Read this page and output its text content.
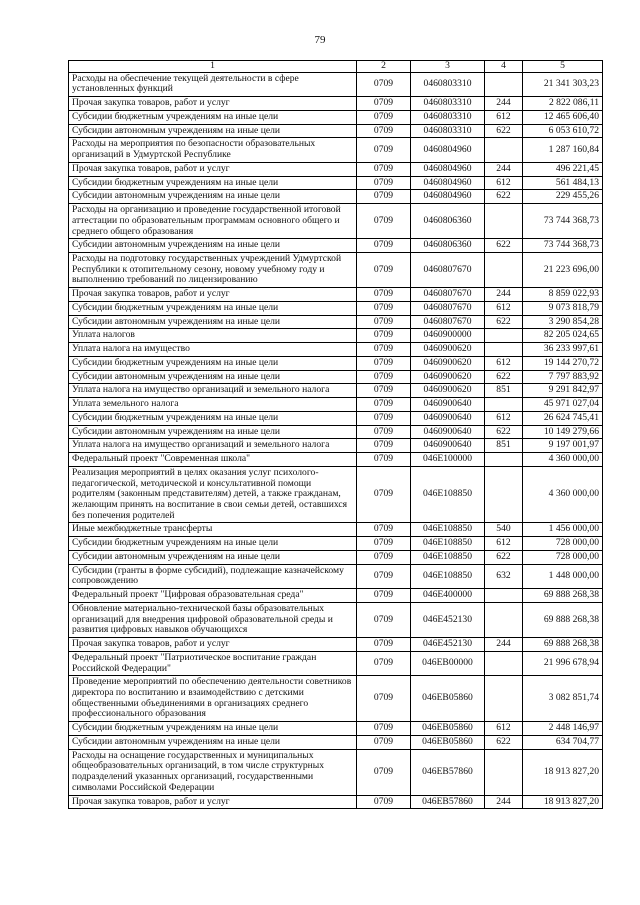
79
1	2	3	4	5
Расходы на обеспечение текущей деятельности в сфере установленных функций	0709	0460803310		21 341 303,23
Прочая закупка товаров, работ и услуг	0709	0460803310	244	2 822 086,11
Субсидии бюджетным учреждениям на иные цели	0709	0460803310	612	12 465 606,40
Субсидии автономным учреждениям на иные цели	0709	0460803310	622	6 053 610,72
Расходы на мероприятия по безопасности образовательных организаций в Удмуртской Республике	0709	0460804960		1 287 160,84
Прочая закупка товаров, работ и услуг	0709	0460804960	244	496 221,45
Субсидии бюджетным учреждениям на иные цели	0709	0460804960	612	561 484,13
Субсидии автономным учреждениям на иные цели	0709	0460804960	622	229 455,26
Расходы на организацию и проведение государственной итоговой аттестации по образовательным программам основного общего и среднего общего образования	0709	0460806360		73 744 368,73
Субсидии автономным учреждениям на иные цели	0709	0460806360	622	73 744 368,73
Расходы на подготовку государственных учреждений Удмуртской Республики к отопительному сезону, новому учебному году и выполнению требований по лицензированию	0709	0460807670		21 223 696,00
Прочая закупка товаров, работ и услуг	0709	0460807670	244	8 859 022,93
Субсидии бюджетным учреждениям на иные цели	0709	0460807670	612	9 073 818,79
Субсидии автономным учреждениям на иные цели	0709	0460807670	622	3 290 854,28
Уплата налогов	0709	0460900000		82 205 024,65
Уплата налога на имущество	0709	0460900620		36 233 997,61
Субсидии бюджетным учреждениям на иные цели	0709	0460900620	612	19 144 270,72
Субсидии автономным учреждениям на иные цели	0709	0460900620	622	7 797 883,92
Уплата налога на имущество организаций и земельного налога	0709	0460900620	851	9 291 842,97
Уплата земельного налога	0709	0460900640		45 971 027,04
Субсидии бюджетным учреждениям на иные цели	0709	0460900640	612	26 624 745,41
Субсидии автономным учреждениям на иные цели	0709	0460900640	622	10 149 279,66
Уплата налога на имущество организаций и земельного налога	0709	0460900640	851	9 197 001,97
Федеральный проект "Современная школа"	0709	046E100000		4 360 000,00
Реализация мероприятий в целях оказания услуг психолого-педагогической, методической и консультативной помощи родителям (законным представителям) детей, а также гражданам, желающим принять на воспитание в свои семьи детей, оставшихся без попечения родителей	0709	046E108850		4 360 000,00
Иные межбюджетные трансферты	0709	046E108850	540	1 456 000,00
Субсидии бюджетным учреждениям на иные цели	0709	046E108850	612	728 000,00
Субсидии автономным учреждениям на иные цели	0709	046E108850	622	728 000,00
Субсидии (гранты в форме субсидий), подлежащие казначейскому сопровождению	0709	046E108850	632	1 448 000,00
Федеральный проект "Цифровая образовательная среда"	0709	046E400000		69 888 268,38
Обновление материально-технической базы образовательных организаций для внедрения цифровой образовательной среды и развития цифровых навыков обучающихся	0709	046E452130		69 888 268,38
Прочая закупка товаров, работ и услуг	0709	046E452130	244	69 888 268,38
Федеральный проект "Патриотическое воспитание граждан Российской Федерации"	0709	046EB00000		21 996 678,94
Проведение мероприятий по обеспечению деятельности советников директора по воспитанию и взаимодействию с детскими общественными объединениями в организациях среднего профессионального образования	0709	046EB05860		3 082 851,74
Субсидии бюджетным учреждениям на иные цели	0709	046EB05860	612	2 448 146,97
Субсидии автономным учреждениям на иные цели	0709	046EB05860	622	634 704,77
Расходы на оснащение государственных и муниципальных общеобразовательных организаций, в том числе структурных подразделений указанных организаций, государственными символами Российской Федерации	0709	046EB57860		18 913 827,20
Прочая закупка товаров, работ и услуг	0709	046EB57860	244	18 913 827,20
